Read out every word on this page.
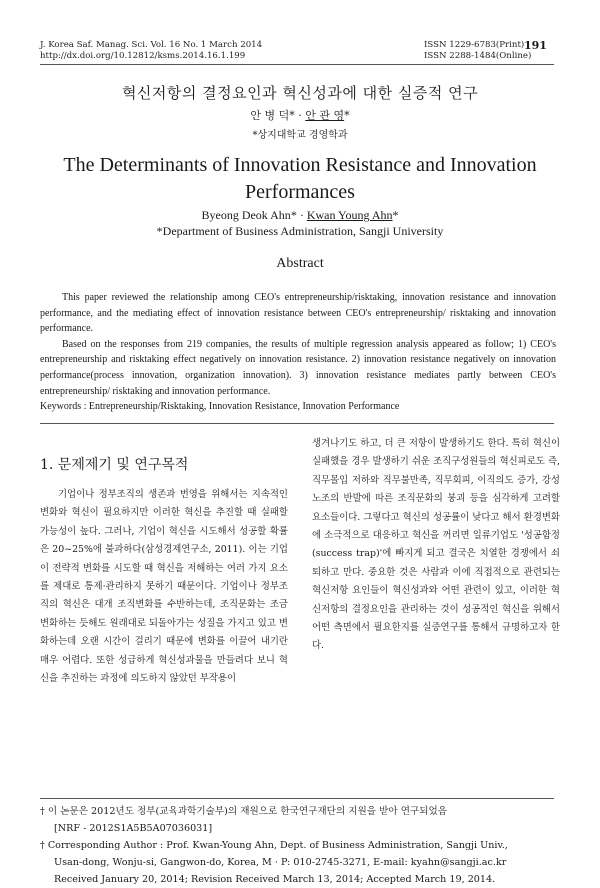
J. Korea Saf. Manag. Sci. Vol. 16 No. 1 March 2014
http://dx.doi.org/10.12812/ksms.2014.16.1.199
ISSN 1229-6783(Print)
ISSN 2288-1484(Online)
191
혁신저항의 결정요인과 혁신성과에 대한 실증적 연구
안 병 덕* · 안 관 영*
*상지대학교 경영학과
The Determinants of Innovation Resistance and Innovation
Performances
Byeong Deok Ahn* · Kwan Young Ahn*
*Department of Business Administration, Sangji University
Abstract

This paper reviewed the relationship among CEO's entrepreneurship/risktaking, innovation resistance and innovation performance, and the mediating effect of innovation resistance between CEO's entrepreneurship/ risktaking and innovation performance.

Based on the responses from 219 companies, the results of multiple regression analysis appeared as follow; 1) CEO's entrepreneurship and risktaking effect negatively on innovation resistance. 2) innovation resistance negatively on innovation performance(process innovation, organization innovation). 3) innovation resistance mediates partly between CEO's entrepreneurship/ risktaking and innovation performance.

Keywords : Entrepreneurship/Risktaking, Innovation Resistance, Innovation Performance

1. 문제제기 및 연구목적

기업이나 정부조직의 생존과 번영을 위해서는 지속적인 변화와 혁신이 필요하지만 이러한 혁신을 추진할 때 실패할 가능성이 높다. 그러나, 기업이 혁신을 시도해서 성공할 확률은 20~25%에 불과하다(삼성경제연구소, 2011). 이는 기업이 전략적 변화를 시도할 때 혁신을 저해하는 여러 가지 요소를 제대로 통제·관리하지 못하기 때문이다. 기업이나 정부조직의 혁신은 대개 조직변화를 수반하는데, 조직문화는 조금 변화하는 듯해도 원래대로 되돌아가는 성질을 가지고 있고 변화하는데 오랜 시간이 걸리기 때문에 변화를 이끌어 내기란 매우 어렵다. 또한 성급하게 혁신성과물을 만들려다 보니 혁신을 추진하는 과정에 의도하지 않았던 부작용이

생겨나기도 하고, 더 큰 저항이 발생하기도 한다. 특히 혁신이 실패했을 경우 발생하기 쉬운 조직구성원들의 혁신피로도 즉, 직무몰입 저하와 직무불만족, 직무회피, 이직의도 증가, 강성 노조의 반발에 따른 조직문화의 붕괴 등을 심각하게 고려할 요소들이다. 그렇다고 혁신의 성공률이 낮다고 해서 환경변화에 소극적으로 대응하고 혁신을 꺼리면 일류기업도 '성공함정(success trap)'에 빠지게 되고 결국은 치열한 경쟁에서 쇠퇴하고 만다. 중요한 것은 사람과 이에 직접적으로 관련되는 혁신저항 요인들이 혁신성과와 어떤 관련이 있고, 이러한 혁신저항의 결정요인을 관리하는 것이 성공적인 혁신을 위해서 어떤 측면에서 필요한지를 실증연구를 통해서 규명하고자 한다.

† 이 논문은 2012년도 정부(교육과학기술부)의 재원으로 한국연구재단의 지원을 받아 연구되었음
[NRF - 2012S1A5B5A07036031]
† Corresponding Author : Prof. Kwan-Young Ahn, Dept. of Business Administration, Sangji Univ.,
Usan-dong, Wonju-si, Gangwon-do, Korea, M · P: 010-2745-3271, E-mail: kyahn@sangji.ac.kr
Received January 20, 2014; Revision Received March 13, 2014; Accepted March 19, 2014.
